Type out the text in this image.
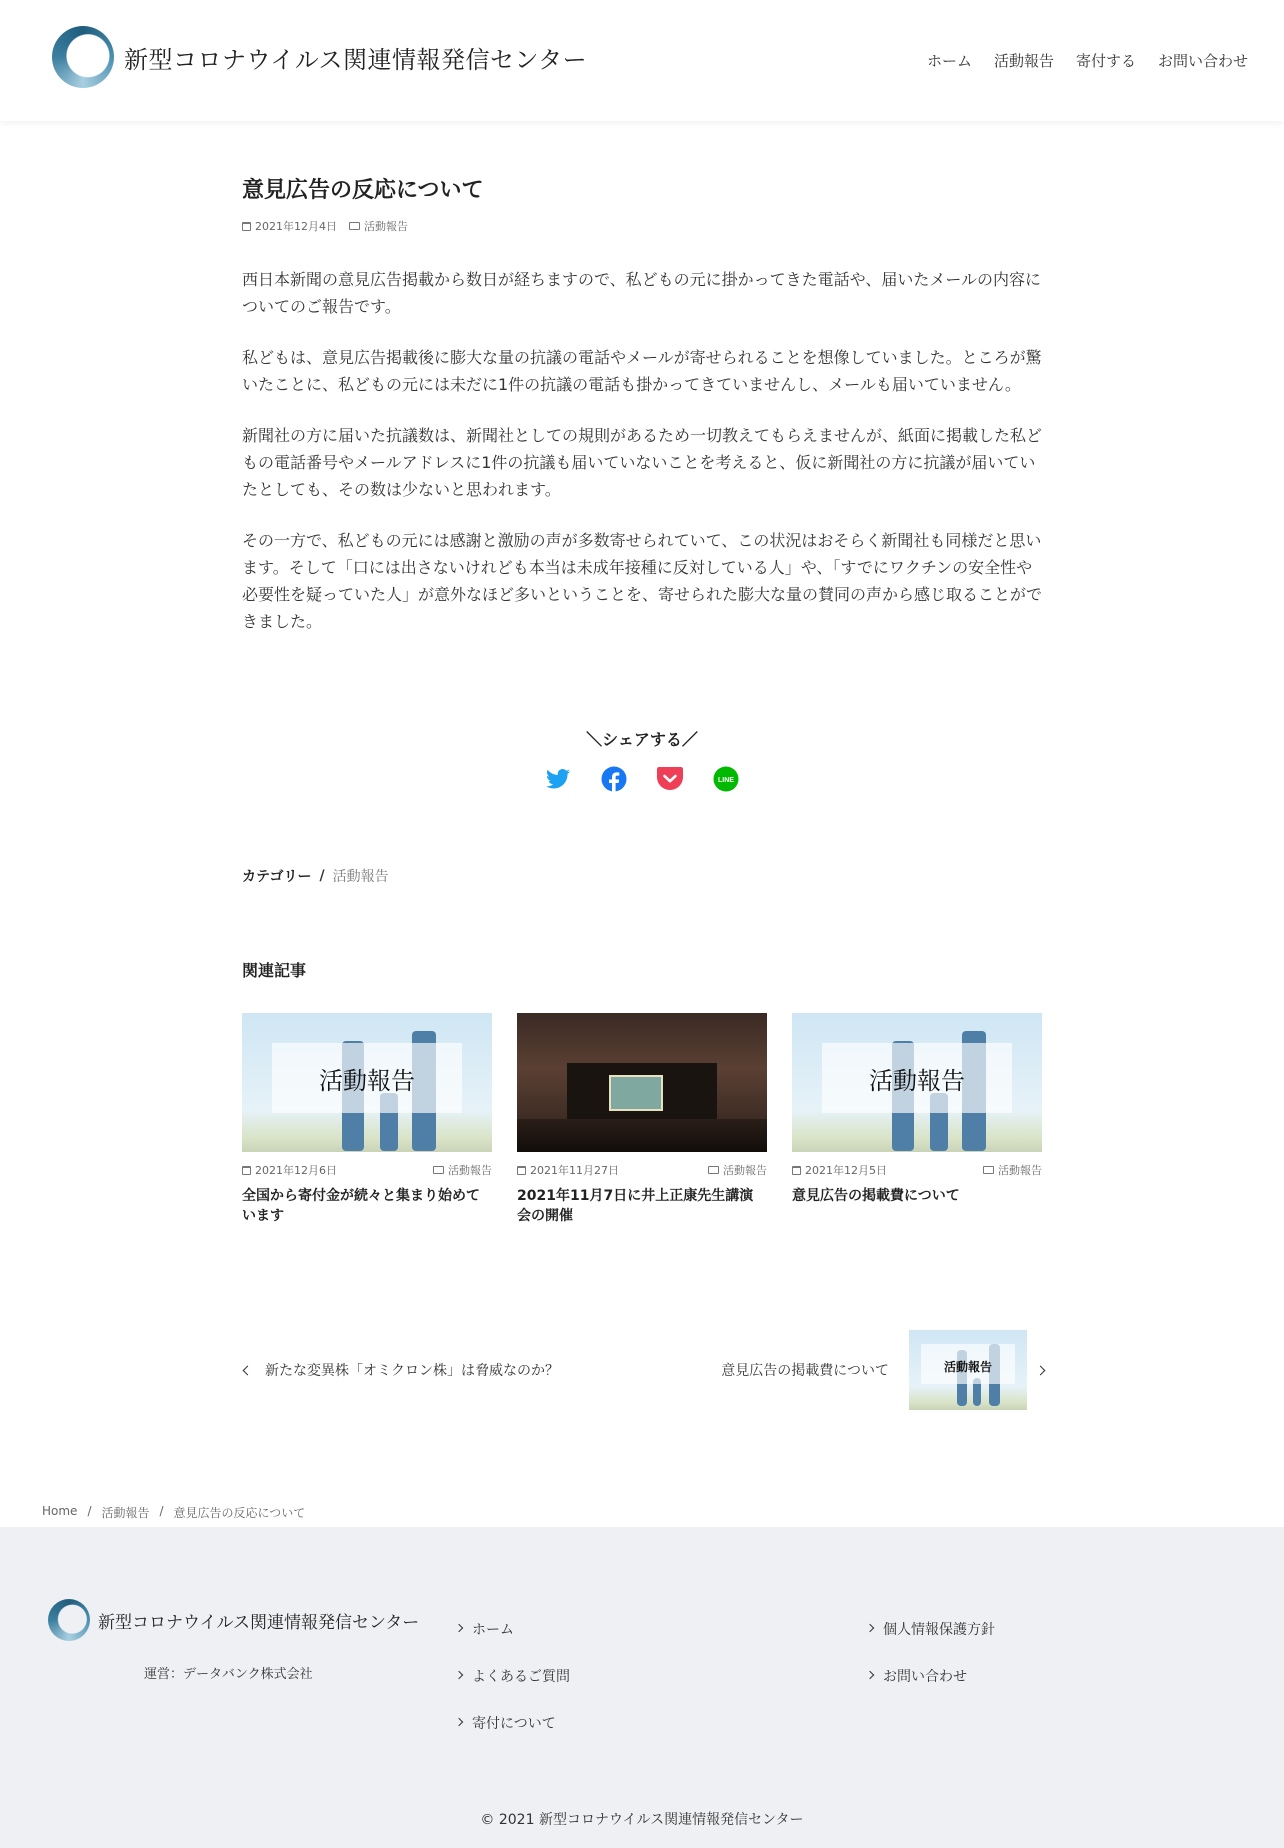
新型コロナウイルス関連情報発信センター	ホーム 活動報告 寄付する お問い合わせ
意見広告の反応について
2021年12月4日 活動報告

西日本新聞の意見広告掲載から数日が経ちますので、私どもの元に掛かってきた電話や、届いたメールの内容についてのご報告です。

私どもは、意見広告掲載後に膨大な量の抗議の電話やメールが寄せられることを想像していました。ところが驚いたことに、私どもの元には未だに1件の抗議の電話も掛かってきていませんし、メールも届いていません。

新聞社の方に届いた抗議数は、新聞社としての規則があるため一切教えてもらえませんが、紙面に掲載した私どもの電話番号やメールアドレスに1件の抗議も届いていないことを考えると、仮に新聞社の方に抗議が届いていたとしても、その数は少ないと思われます。

その一方で、私どもの元には感謝と激励の声が多数寄せられていて、この状況はおそらく新聞社も同様だと思います。そして「口には出さないけれども本当は未成年接種に反対している人」や、「すでにワクチンの安全性や必要性を疑っていた人」が意外なほど多いということを、寄せられた膨大な量の賛同の声から感じ取ることができました。

＼シェアする／
LINE
カテゴリー / 活動報告
関連記事
活動報告
2021年12月6日	活動報告
全国から寄付金が続々と集まり始めています
2021年11月27日	活動報告
2021年11月7日に井上正康先生講演会の開催
活動報告
2021年12月5日	活動報告
意見広告の掲載費について
新たな変異株「オミクロン株」は脅威なのか？	意見広告の掲載費について	活動報告
Home / 活動報告 / 意見広告の反応について
新型コロナウイルス関連情報発信センター
運営：データバンク株式会社
ホーム
よくあるご質問
寄付について
個人情報保護方針
お問い合わせ
© 2021 新型コロナウイルス関連情報発信センター
